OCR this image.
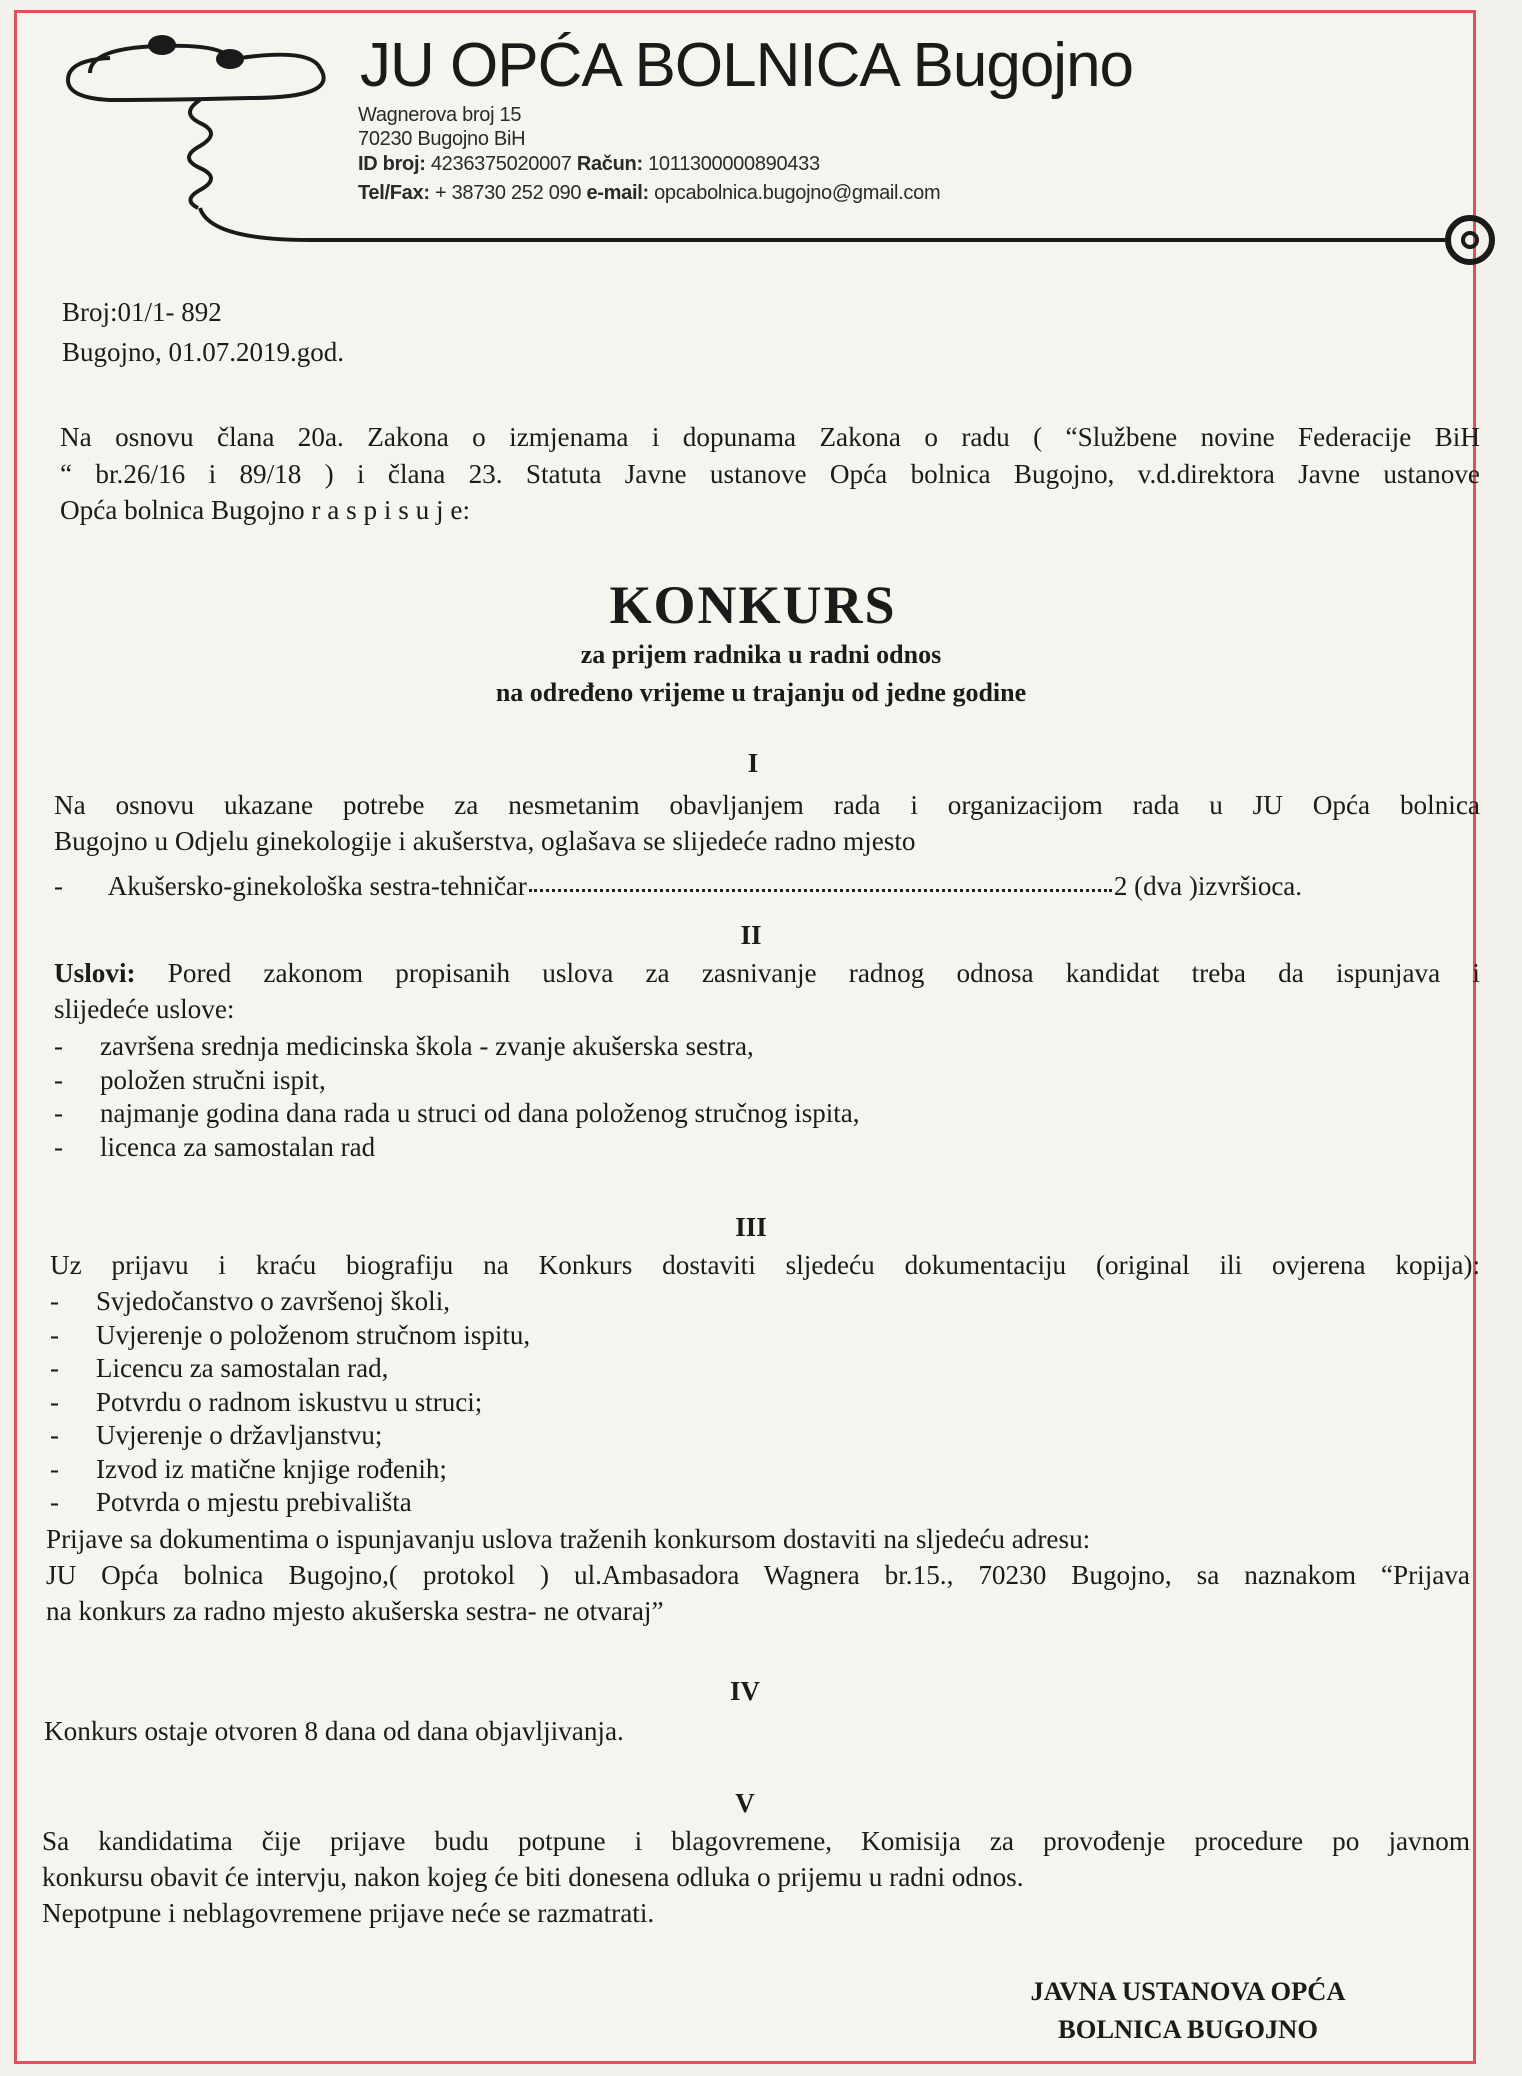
JU OPĆA BOLNICA Bugojno
Wagnerova broj 15
70230 Bugojno BiH
ID broj: 4236375020007 Račun: 1011300000890433
Tel/Fax: + 38730 252 090 e-mail: opcabolnica.bugojno@gmail.com
Broj:01/1- 892
Bugojno, 01.07.2019.god.
Na osnovu člana 20a. Zakona o izmjenama i dopunama Zakona o radu ( “Službene novine Federacije BiH
“ br.26/16 i 89/18 ) i člana 23. Statuta Javne ustanove Opća bolnica Bugojno, v.d.direktora Javne ustanove
Opća bolnica Bugojno r a s p i s u j e:
KONKURS
za prijem radnika u radni odnos
na određeno vrijeme u trajanju od jedne godine
I
Na osnovu ukazane potrebe za nesmetanim obavljanjem rada i organizacijom rada u JU Opća bolnica
Bugojno u Odjelu ginekologije i akušerstva, oglašava se slijedeće radno mjesto
- Akušersko-ginekološka sestra-tehničar	2 (dva )izvršioca.
II
Uslovi: Pored zakonom propisanih uslova za zasnivanje radnog odnosa kandidat treba da ispunjava i
slijedeće uslove:
- završena srednja medicinska škola - zvanje akušerska sestra,
- položen stručni ispit,
- najmanje godina dana rada u struci od dana položenog stručnog ispita,
- licenca za samostalan rad
III
Uz prijavu i kraću biografiju na Konkurs dostaviti sljedeću dokumentaciju (original ili ovjerena kopija):
- Svjedočanstvo o završenoj školi,
- Uvjerenje o položenom stručnom ispitu,
- Licencu za samostalan rad,
- Potvrdu o radnom iskustvu u struci;
- Uvjerenje o državljanstvu;
- Izvod iz matične knjige rođenih;
- Potvrda o mjestu prebivališta
Prijave sa dokumentima o ispunjavanju uslova traženih konkursom dostaviti na sljedeću adresu:
JU Opća bolnica Bugojno,( protokol ) ul.Ambasadora Wagnera br.15., 70230 Bugojno, sa naznakom “Prijava
na konkurs za radno mjesto akušerska sestra- ne otvaraj”
IV
Konkurs ostaje otvoren 8 dana od dana objavljivanja.
V
Sa kandidatima čije prijave budu potpune i blagovremene, Komisija za provođenje procedure po javnom
konkursu obavit će intervju, nakon kojeg će biti donesena odluka o prijemu u radni odnos.
Nepotpune i neblagovremene prijave neće se razmatrati.
JAVNA USTANOVA OPĆA
BOLNICA BUGOJNO
